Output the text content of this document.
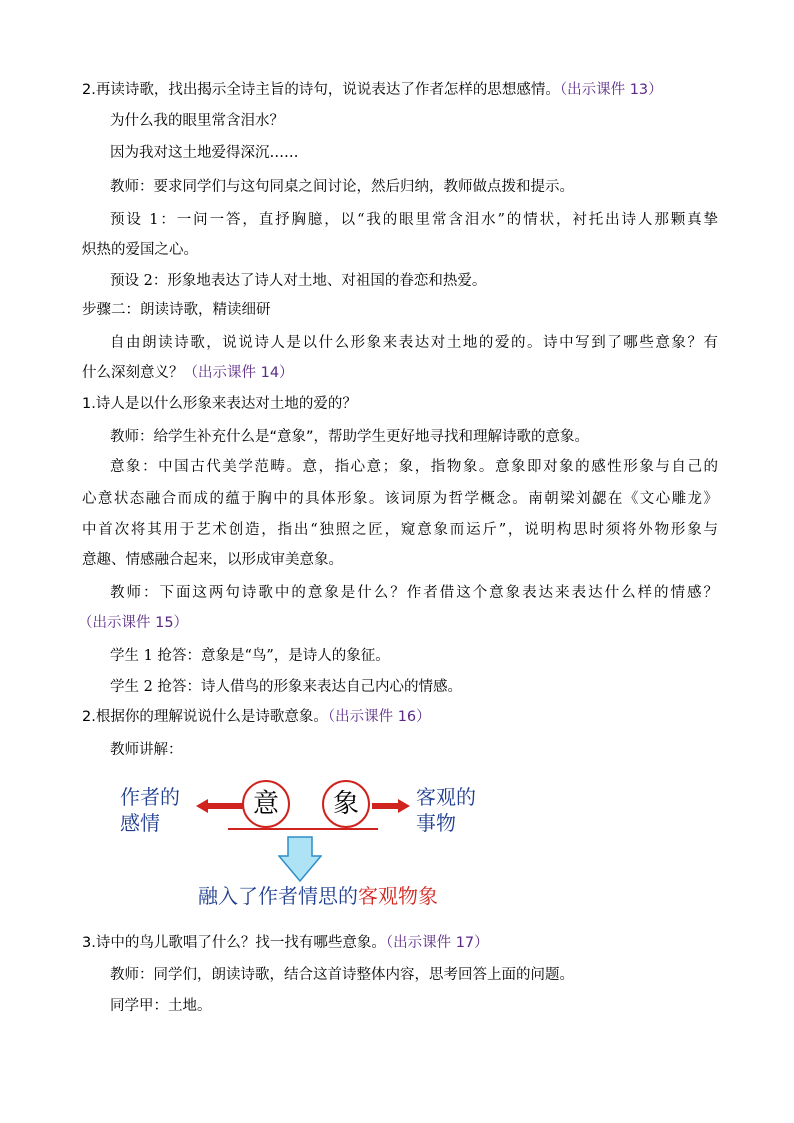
2.再读诗歌，找出揭示全诗主旨的诗句，说说表达了作者怎样的思想感情。（出示课件 13）
为什么我的眼里常含泪水？
因为我对这土地爱得深沉……
教师：要求同学们与这句同桌之间讨论，然后归纳，教师做点拨和提示。
预设 1：一问一答，直抒胸臆，以“我的眼里常含泪水”的情状，衬托出诗人那颗真挚
炽热的爱国之心。
预设 2：形象地表达了诗人对土地、对祖国的眷恋和热爱。
步骤二：朗读诗歌，精读细研
自由朗读诗歌，说说诗人是以什么形象来表达对土地的爱的。诗中写到了哪些意象？有
什么深刻意义？（出示课件 14）
1.诗人是以什么形象来表达对土地的爱的？
教师：给学生补充什么是“意象”，帮助学生更好地寻找和理解诗歌的意象。
意象：中国古代美学范畴。意，指心意；象，指物象。意象即对象的感性形象与自己的
心意状态融合而成的蕴于胸中的具体形象。该词原为哲学概念。南朝梁刘勰在《文心雕龙》
中首次将其用于艺术创造，指出“独照之匠，窥意象而运斤”，说明构思时须将外物形象与
意趣、情感融合起来，以形成审美意象。
教师：下面这两句诗歌中的意象是什么？作者借这个意象表达来表达什么样的情感？
（出示课件 15）
学生 1 抢答：意象是“鸟”，是诗人的象征。
学生 2 抢答：诗人借鸟的形象来表达自己内心的情感。
2.根据你的理解说说什么是诗歌意象。（出示课件 16）
教师讲解：
作者的
感情
意	象	客观的
事物
融入了作者情思的客观物象
3.诗中的鸟儿歌唱了什么？找一找有哪些意象。（出示课件 17）
教师：同学们，朗读诗歌，结合这首诗整体内容，思考回答上面的问题。
同学甲：土地。
